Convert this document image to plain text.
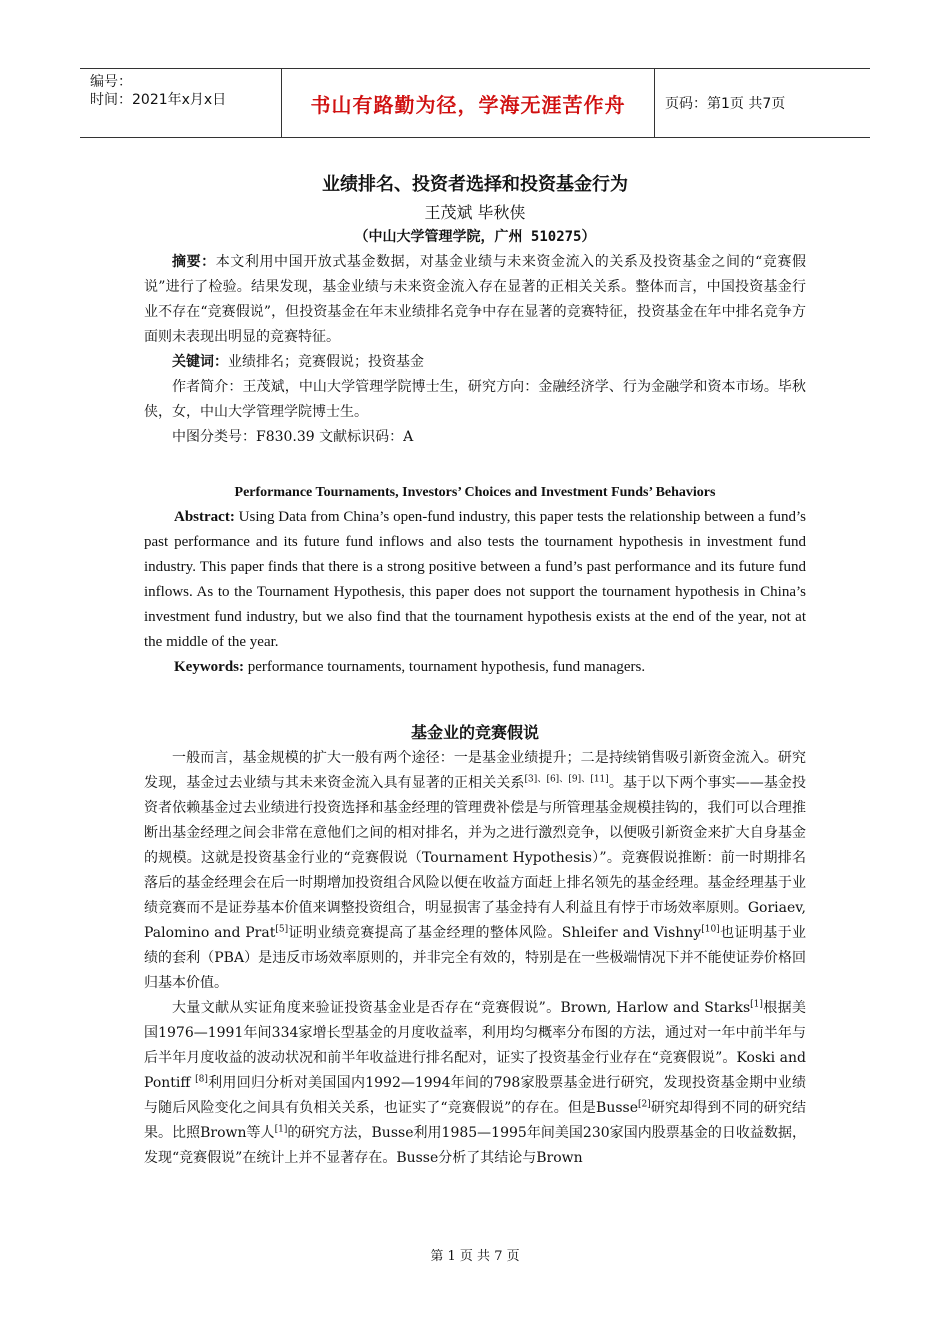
编号：
时间：2021年x月x日	书山有路勤为径，学海无涯苦作舟	页码：第1页 共7页
业绩排名、投资者选择和投资基金行为
王茂斌 毕秋侠
（中山大学管理学院，广州 510275）

摘要：本文利用中国开放式基金数据，对基金业绩与未来资金流入的关系及投资基金之间的“竞赛假说”进行了检验。结果发现，基金业绩与未来资金流入存在显著的正相关关系。整体而言，中国投资基金行业不存在“竞赛假说”，但投资基金在年末业绩排名竞争中存在显著的竞赛特征，投资基金在年中排名竞争方面则未表现出明显的竞赛特征。

关键词：业绩排名；竞赛假说；投资基金

作者简介：王茂斌，中山大学管理学院博士生，研究方向：金融经济学、行为金融学和资本市场。毕秋侠，女，中山大学管理学院博士生。

中图分类号：F830.39 文献标识码：A

Performance Tournaments, Investors’ Choices and Investment Funds’ Behaviors

Abstract: Using Data from China’s open-fund industry, this paper tests the relationship between a fund’s past performance and its future fund inflows and also tests the tournament hypothesis in investment fund industry. This paper finds that there is a strong positive between a fund’s past performance and its future fund inflows. As to the Tournament Hypothesis, this paper does not support the tournament hypothesis in China’s investment fund industry, but we also find that the tournament hypothesis exists at the end of the year, not at the middle of the year.

Keywords: performance tournaments, tournament hypothesis, fund managers.

基金业的竞赛假说

一般而言，基金规模的扩大一般有两个途径：一是基金业绩提升；二是持续销售吸引新资金流入。研究发现，基金过去业绩与其未来资金流入具有显著的正相关关系[3]、[6]、[9]、[11]。基于以下两个事实——基金投资者依赖基金过去业绩进行投资选择和基金经理的管理费补偿是与所管理基金规模挂钩的，我们可以合理推断出基金经理之间会非常在意他们之间的相对排名，并为之进行激烈竞争，以便吸引新资金来扩大自身基金的规模。这就是投资基金行业的“竞赛假说（Tournament Hypothesis）”。竞赛假说推断：前一时期排名落后的基金经理会在后一时期增加投资组合风险以便在收益方面赶上排名领先的基金经理。基金经理基于业绩竞赛而不是证券基本价值来调整投资组合，明显损害了基金持有人利益且有悖于市场效率原则。Goriaev, Palomino and Prat[5]证明业绩竞赛提高了基金经理的整体风险。Shleifer and Vishny[10]也证明基于业绩的套利（PBA）是违反市场效率原则的，并非完全有效的，特别是在一些极端情况下并不能使证券价格回归基本价值。

大量文献从实证角度来验证投资基金业是否存在“竞赛假说”。Brown, Harlow and Starks[1]根据美国1976—1991年间334家增长型基金的月度收益率，利用均匀概率分布图的方法，通过对一年中前半年与后半年月度收益的波动状况和前半年收益进行排名配对，证实了投资基金行业存在“竞赛假说”。Koski and Pontiff [8]利用回归分析对美国国内1992—1994年间的798家股票基金进行研究，发现投资基金期中业绩与随后风险变化之间具有负相关关系，也证实了“竞赛假说”的存在。但是Busse[2]研究却得到不同的研究结果。比照Brown等人[1]的研究方法，Busse利用1985—1995年间美国230家国内股票基金的日收益数据，发现“竞赛假说”在统计上并不显著存在。Busse分析了其结论与Brown

第 1 页 共 7 页
